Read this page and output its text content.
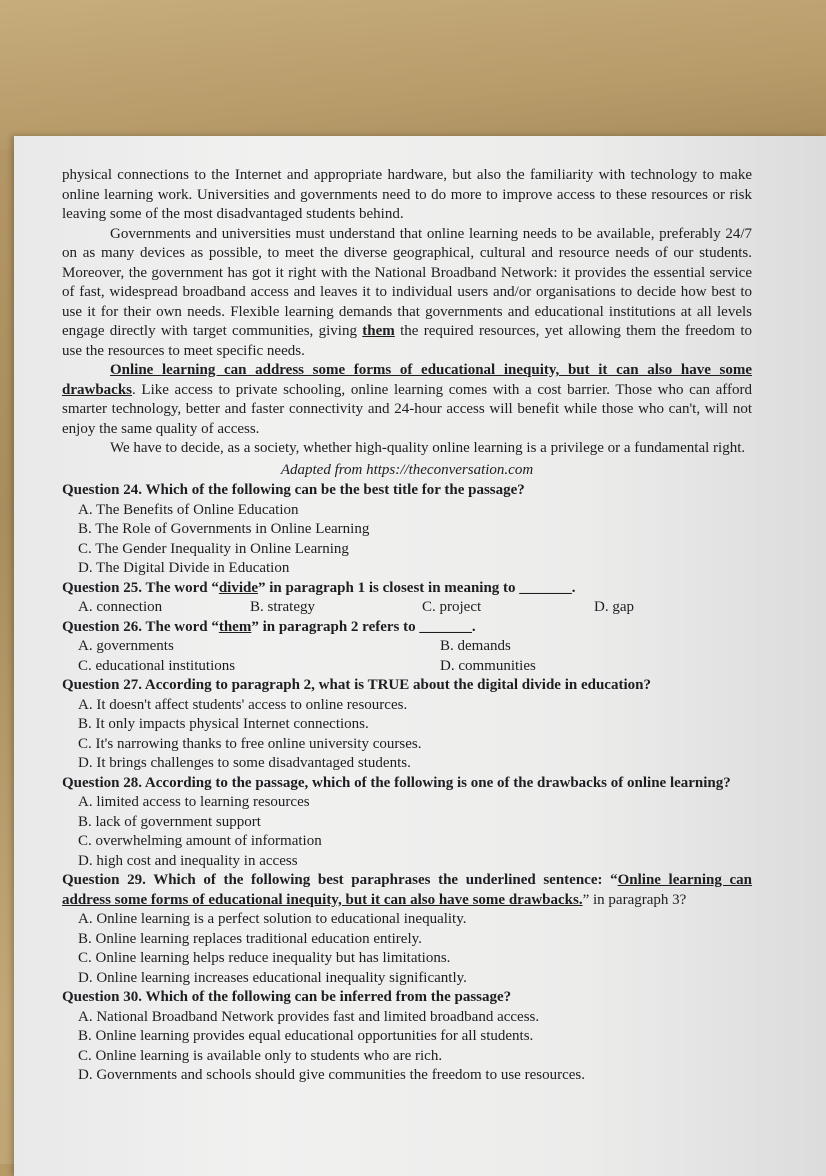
physical connections to the Internet and appropriate hardware, but also the familiarity with technology to make online learning work. Universities and governments need to do more to improve access to these resources or risk leaving some of the most disadvantaged students behind.

Governments and universities must understand that online learning needs to be available, preferably 24/7 on as many devices as possible, to meet the diverse geographical, cultural and resource needs of our students. Moreover, the government has got it right with the National Broadband Network: it provides the essential service of fast, widespread broadband access and leaves it to individual users and/or organisations to decide how best to use it for their own needs. Flexible learning demands that governments and educational institutions at all levels engage directly with target communities, giving them the required resources, yet allowing them the freedom to use the resources to meet specific needs.

Online learning can address some forms of educational inequity, but it can also have some drawbacks. Like access to private schooling, online learning comes with a cost barrier. Those who can afford smarter technology, better and faster connectivity and 24-hour access will benefit while those who can't, will not enjoy the same quality of access.

We have to decide, as a society, whether high-quality online learning is a privilege or a fundamental right.

Adapted from https://theconversation.com

Question 24. Which of the following can be the best title for the passage?

A. The Benefits of Online Education
B. The Role of Governments in Online Learning
C. The Gender Inequality in Online Learning
D. The Digital Divide in Education

Question 25. The word “divide” in paragraph 1 is closest in meaning to _______.

A. connection	B. strategy	C. project	D. gap

Question 26. The word “them” in paragraph 2 refers to _______.

A. governments	B. demands
C. educational institutions	D. communities

Question 27. According to paragraph 2, what is TRUE about the digital divide in education?

A. It doesn't affect students' access to online resources.
B. It only impacts physical Internet connections.
C. It's narrowing thanks to free online university courses.
D. It brings challenges to some disadvantaged students.

Question 28. According to the passage, which of the following is one of the drawbacks of online learning?

A. limited access to learning resources
B. lack of government support
C. overwhelming amount of information
D. high cost and inequality in access

Question 29. Which of the following best paraphrases the underlined sentence: “Online learning can address some forms of educational inequity, but it can also have some drawbacks.” in paragraph 3?

A. Online learning is a perfect solution to educational inequality.
B. Online learning replaces traditional education entirely.
C. Online learning helps reduce inequality but has limitations.
D. Online learning increases educational inequality significantly.

Question 30. Which of the following can be inferred from the passage?

A. National Broadband Network provides fast and limited broadband access.
B. Online learning provides equal educational opportunities for all students.
C. Online learning is available only to students who are rich.
D. Governments and schools should give communities the freedom to use resources.
